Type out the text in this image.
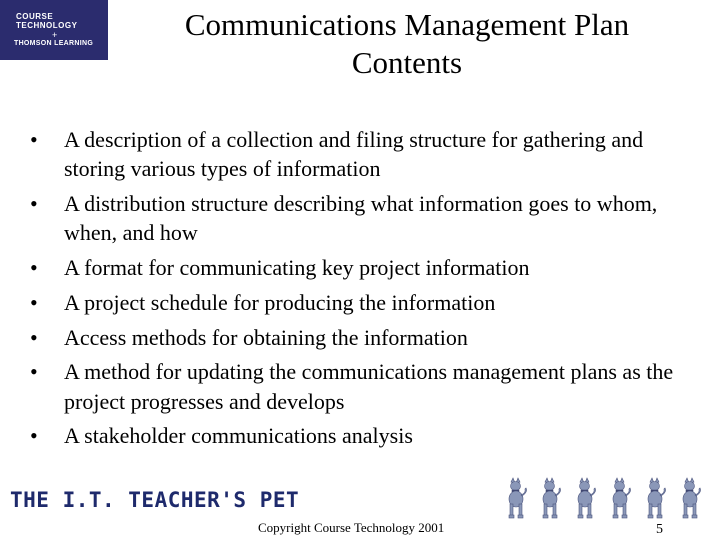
COURSE
TECHNOLOGY
+
THOMSON LEARNING
Communications Management Plan
Contents
• A description of a collection and filing structure for gathering and storing various types of information
• A distribution structure describing what information goes to whom, when, and how
• A format for communicating key project information
• A project schedule for producing the information
• Access methods for obtaining the information
• A method for updating the communications management plans as the project progresses and develops
• A stakeholder communications analysis
THE I.T. TEACHER'S PET
Copyright Course Technology 2001	5
